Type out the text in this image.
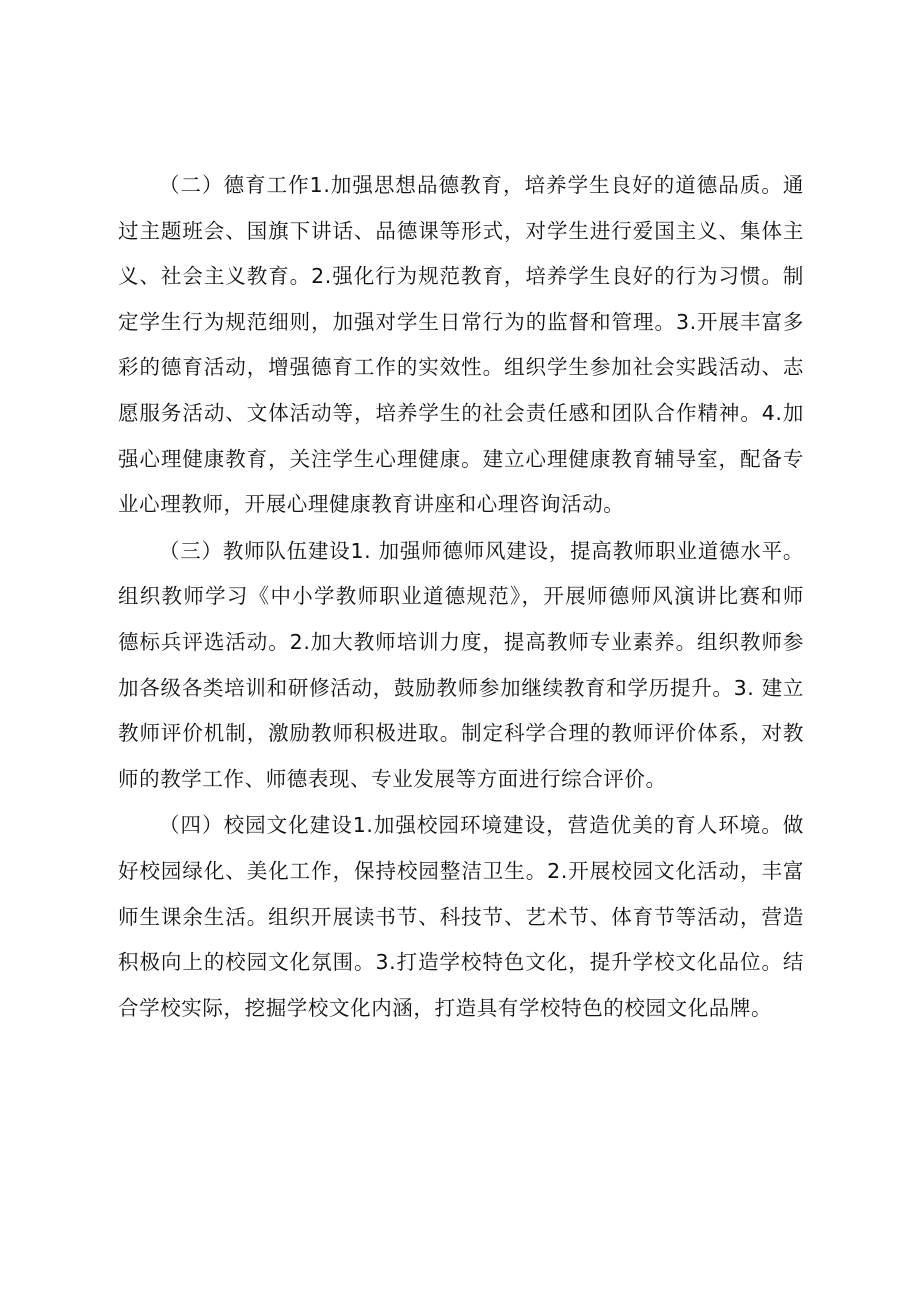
（二）德育工作1.加强思想品德教育，培养学生良好的道德品质。通过主题班会、国旗下讲话、品德课等形式，对学生进行爱国主义、集体主义、社会主义教育。2.强化行为规范教育，培养学生良好的行为习惯。制定学生行为规范细则，加强对学生日常行为的监督和管理。3.开展丰富多彩的德育活动，增强德育工作的实效性。组织学生参加社会实践活动、志愿服务活动、文体活动等，培养学生的社会责任感和团队合作精神。4.加强心理健康教育，关注学生心理健康。建立心理健康教育辅导室，配备专业心理教师，开展心理健康教育讲座和心理咨询活动。

（三）教师队伍建设1. 加强师德师风建设，提高教师职业道德水平。组织教师学习《中小学教师职业道德规范》，开展师德师风演讲比赛和师德标兵评选活动。2.加大教师培训力度，提高教师专业素养。组织教师参加各级各类培训和研修活动，鼓励教师参加继续教育和学历提升。3. 建立教师评价机制，激励教师积极进取。制定科学合理的教师评价体系，对教师的教学工作、师德表现、专业发展等方面进行综合评价。

（四）校园文化建设1.加强校园环境建设，营造优美的育人环境。做好校园绿化、美化工作，保持校园整洁卫生。2.开展校园文化活动，丰富师生课余生活。组织开展读书节、科技节、艺术节、体育节等活动，营造积极向上的校园文化氛围。3.打造学校特色文化，提升学校文化品位。结合学校实际，挖掘学校文化内涵，打造具有学校特色的校园文化品牌。
